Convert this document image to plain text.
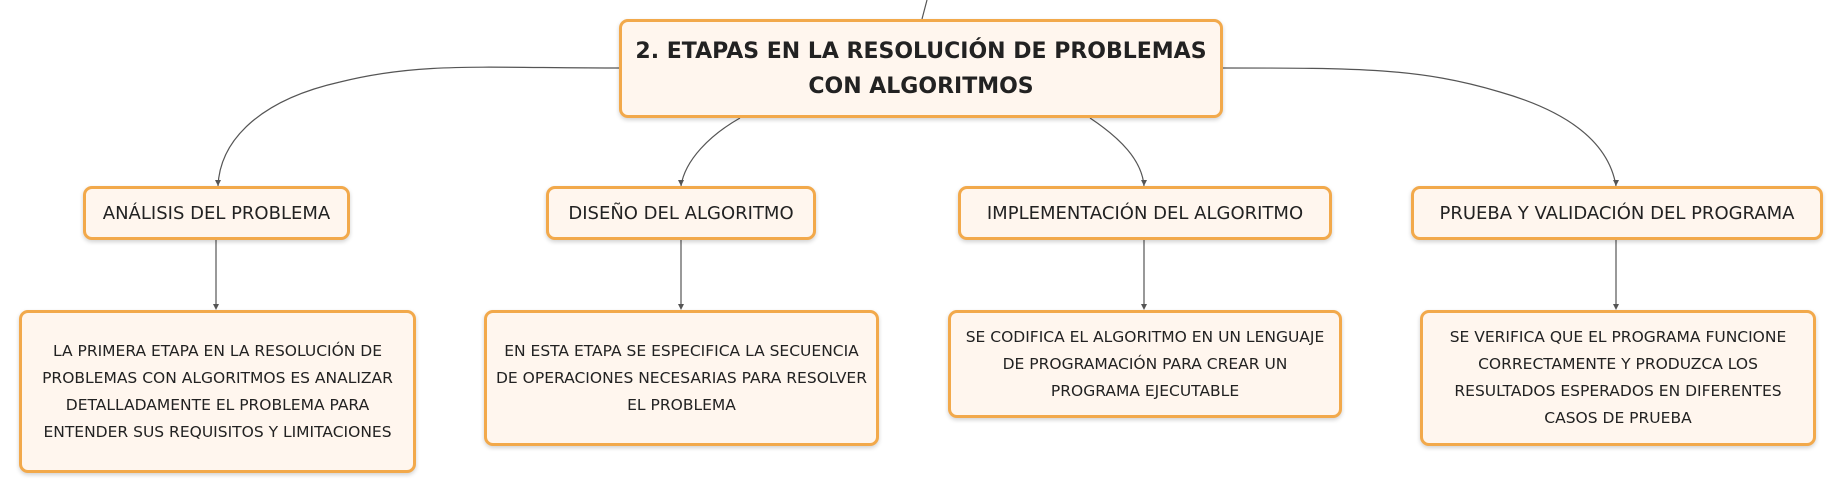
2. ETAPAS EN LA RESOLUCIÓN DE PROBLEMAS CON ALGORITMOS
ANÁLISIS DEL PROBLEMA	DISEÑO DEL ALGORITMO	IMPLEMENTACIÓN DEL ALGORITMO	PRUEBA Y VALIDACIÓN DEL PROGRAMA
LA PRIMERA ETAPA EN LA RESOLUCIÓN DE PROBLEMAS CON ALGORITMOS ES ANALIZAR DETALLADAMENTE EL PROBLEMA PARA ENTENDER SUS REQUISITOS Y LIMITACIONES
EN ESTA ETAPA SE ESPECIFICA LA SECUENCIA DE OPERACIONES NECESARIAS PARA RESOLVER EL PROBLEMA
SE CODIFICA EL ALGORITMO EN UN LENGUAJE DE PROGRAMACIÓN PARA CREAR UN PROGRAMA EJECUTABLE
SE VERIFICA QUE EL PROGRAMA FUNCIONE CORRECTAMENTE Y PRODUZCA LOS RESULTADOS ESPERADOS EN DIFERENTES CASOS DE PRUEBA
